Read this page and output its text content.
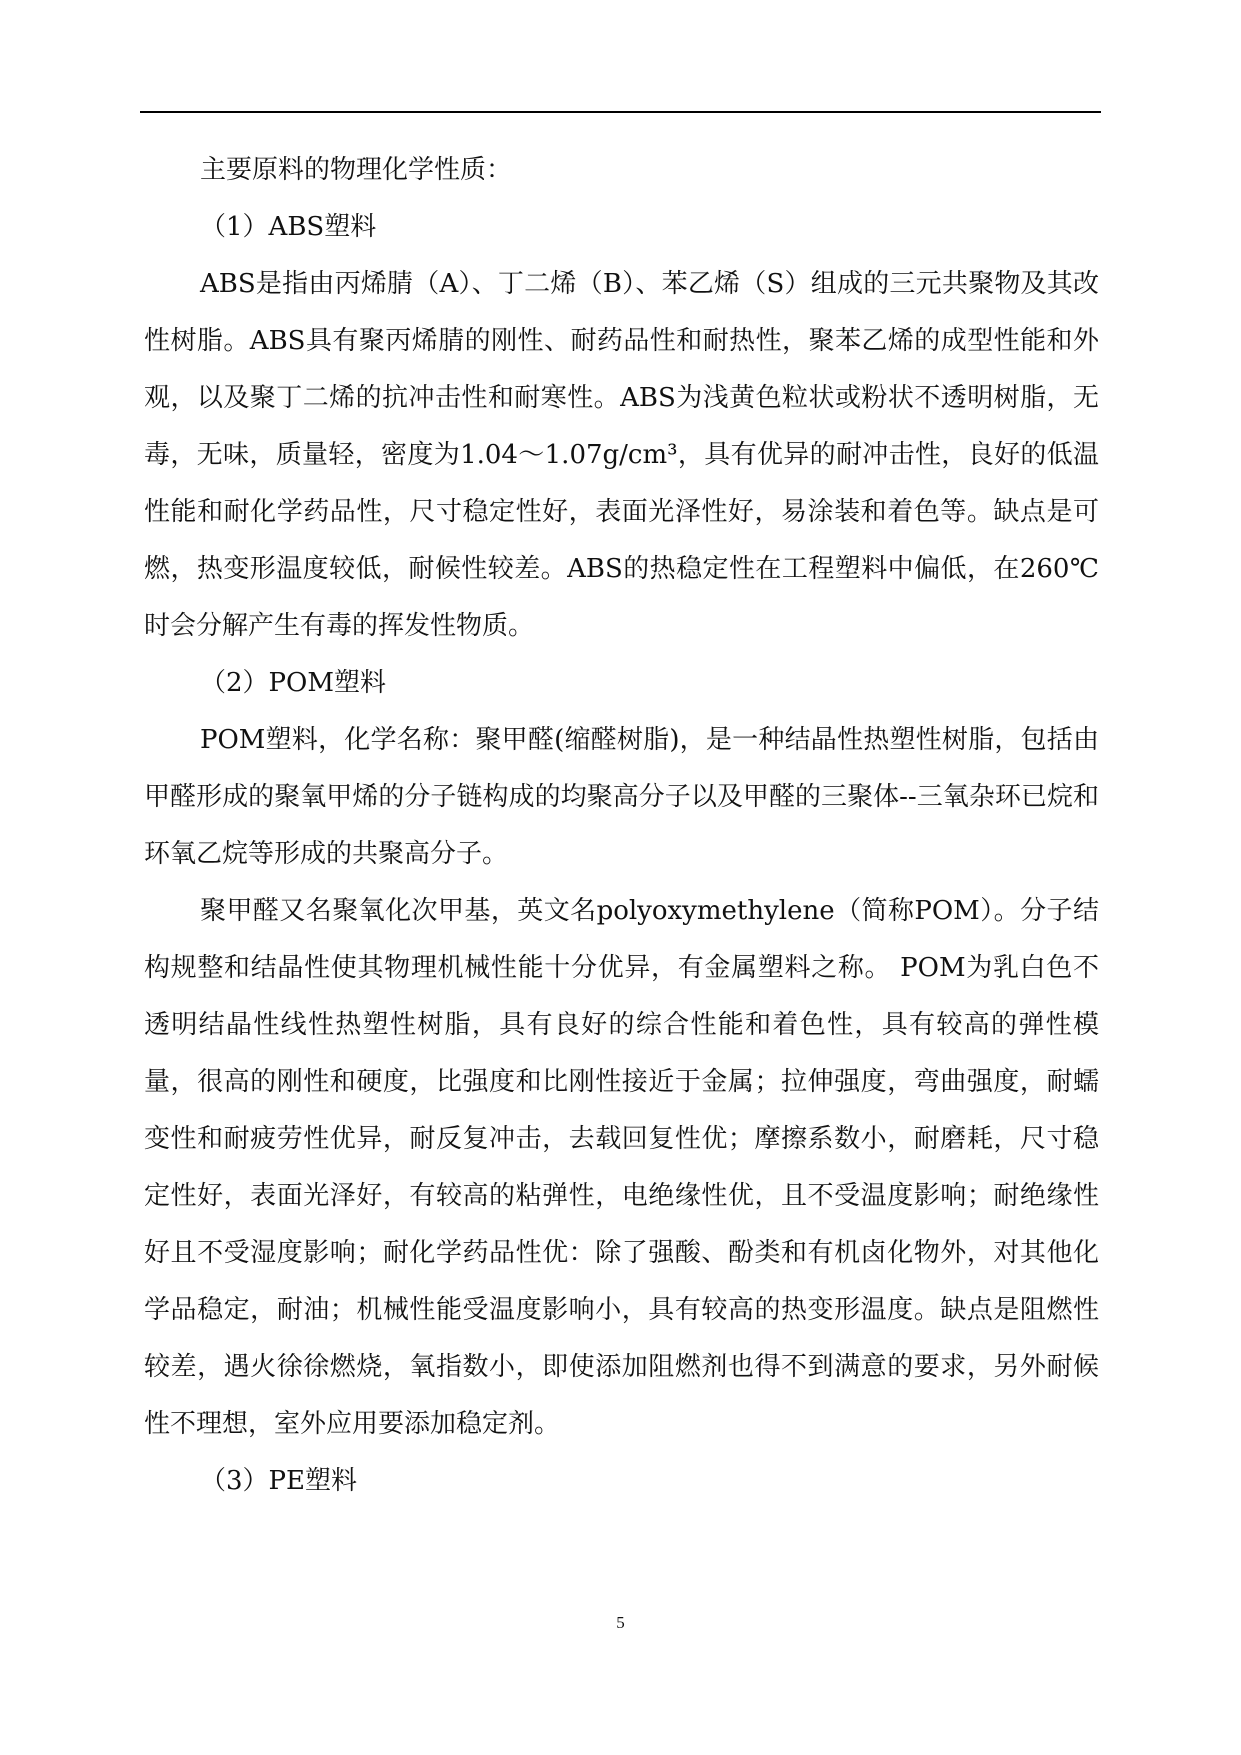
主要原料的物理化学性质：

（1）ABS塑料

ABS是指由丙烯腈（A）、丁二烯（B）、苯乙烯（S）组成的三元共聚物及其改性树脂。ABS具有聚丙烯腈的刚性、耐药品性和耐热性，聚苯乙烯的成型性能和外观，以及聚丁二烯的抗冲击性和耐寒性。ABS为浅黄色粒状或粉状不透明树脂，无毒，无味，质量轻，密度为1.04～1.07g/cm³，具有优异的耐冲击性，良好的低温性能和耐化学药品性，尺寸稳定性好，表面光泽性好，易涂装和着色等。缺点是可燃，热变形温度较低，耐候性较差。ABS的热稳定性在工程塑料中偏低，在260℃时会分解产生有毒的挥发性物质。

（2）POM塑料

POM塑料，化学名称：聚甲醛(缩醛树脂)，是一种结晶性热塑性树脂，包括由甲醛形成的聚氧甲烯的分子链构成的均聚高分子以及甲醛的三聚体--三氧杂环已烷和环氧乙烷等形成的共聚高分子。

聚甲醛又名聚氧化次甲基，英文名polyoxymethylene（简称POM）。分子结构规整和结晶性使其物理机械性能十分优异，有金属塑料之称。 POM为乳白色不透明结晶性线性热塑性树脂，具有良好的综合性能和着色性，具有较高的弹性模量，很高的刚性和硬度，比强度和比刚性接近于金属；拉伸强度，弯曲强度，耐蠕变性和耐疲劳性优异，耐反复冲击，去载回复性优；摩擦系数小，耐磨耗，尺寸稳定性好，表面光泽好，有较高的粘弹性，电绝缘性优，且不受温度影响；耐绝缘性好且不受湿度影响；耐化学药品性优：除了强酸、酚类和有机卤化物外，对其他化学品稳定，耐油；机械性能受温度影响小，具有较高的热变形温度。缺点是阻燃性较差，遇火徐徐燃烧，氧指数小，即使添加阻燃剂也得不到满意的要求，另外耐候性不理想，室外应用要添加稳定剂。

（3）PE塑料

5
